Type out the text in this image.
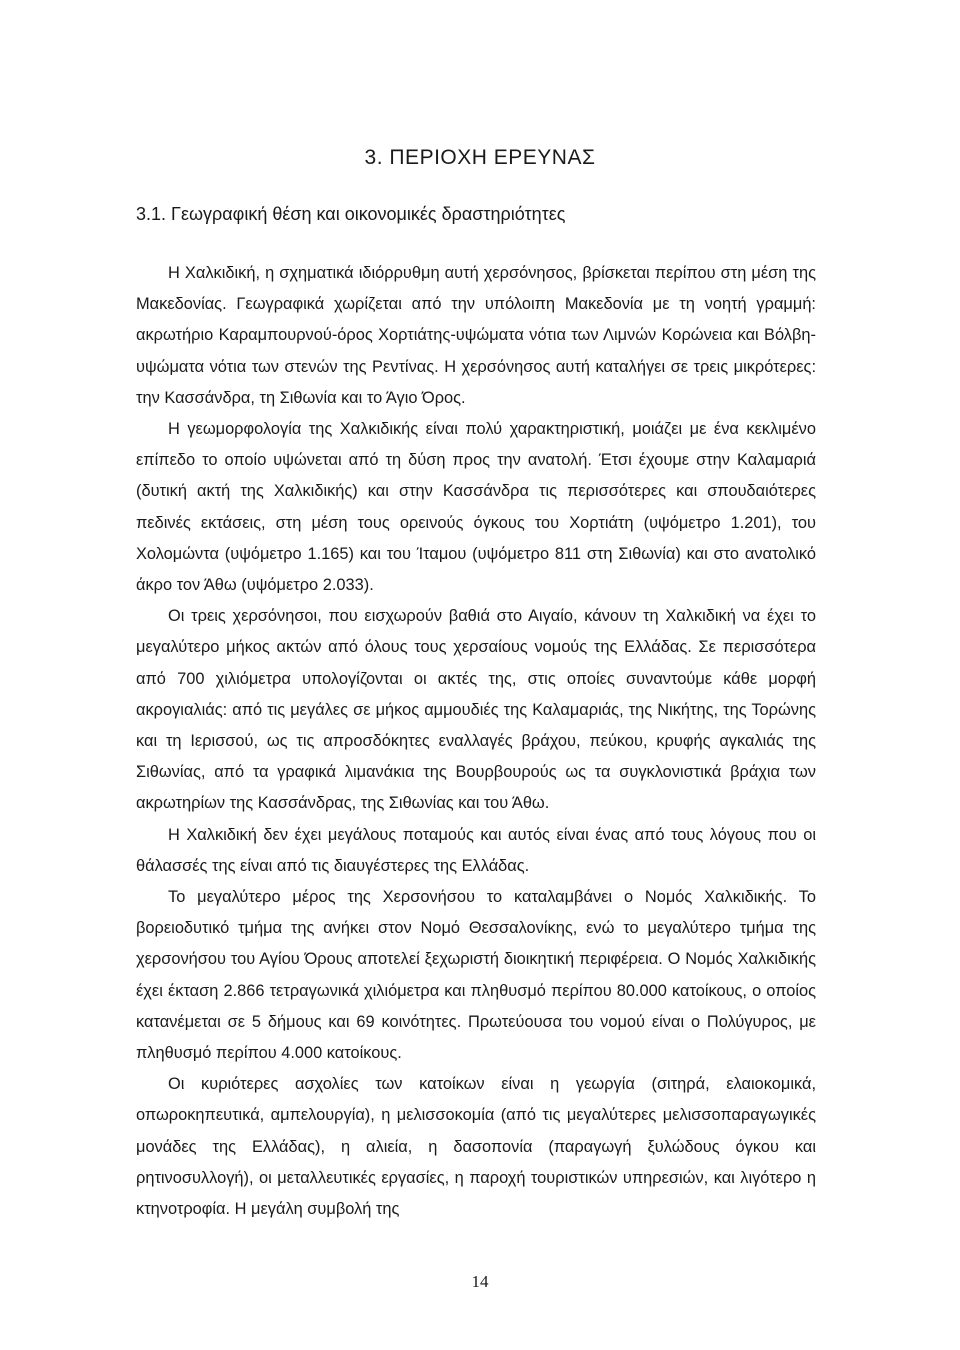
3. ΠΕΡΙΟΧΗ ΕΡΕΥΝΑΣ
3.1. Γεωγραφική θέση και οικονομικές δραστηριότητες

Η Χαλκιδική, η σχηματικά ιδιόρρυθμη αυτή χερσόνησος, βρίσκεται περίπου στη μέση της Μακεδονίας. Γεωγραφικά χωρίζεται από την υπόλοιπη Μακεδονία με τη νοητή γραμμή: ακρωτήριο Καραμπουρνού-όρος Χορτιάτης-υψώματα νότια των Λιμνών Κορώνεια και Βόλβη-υψώματα νότια των στενών της Ρεντίνας. Η χερσόνησος αυτή καταλήγει σε τρεις μικρότερες: την Κασσάνδρα, τη Σιθωνία και το Άγιο Όρος.

Η γεωμορφολογία της Χαλκιδικής είναι πολύ χαρακτηριστική, μοιάζει με ένα κεκλιμένο επίπεδο το οποίο υψώνεται από τη δύση προς την ανατολή. Έτσι έχουμε στην Καλαμαριά (δυτική ακτή της Χαλκιδικής) και στην Κασσάνδρα τις περισσότερες και σπουδαιότερες πεδινές εκτάσεις, στη μέση τους ορεινούς όγκους του Χορτιάτη (υψόμετρο 1.201), του Χολομώντα (υψόμετρο 1.165) και του Ίταμου (υψόμετρο 811 στη Σιθωνία) και στο ανατολικό άκρο τον Άθω (υψόμετρο 2.033).

Οι τρεις χερσόνησοι, που εισχωρούν βαθιά στο Αιγαίο, κάνουν τη Χαλκιδική να έχει το μεγαλύτερο μήκος ακτών από όλους τους χερσαίους νομούς της Ελλάδας. Σε περισσότερα από 700 χιλιόμετρα υπολογίζονται οι ακτές της, στις οποίες συναντούμε κάθε μορφή ακρογιαλιάς: από τις μεγάλες σε μήκος αμμουδιές της Καλαμαριάς, της Νικήτης, της Τορώνης και τη Ιερισσού, ως τις απροσδόκητες εναλλαγές βράχου, πεύκου, κρυφής αγκαλιάς της Σιθωνίας, από τα γραφικά λιμανάκια της Βουρβουρούς ως τα συγκλονιστικά βράχια των ακρωτηρίων της Κασσάνδρας, της Σιθωνίας και του Άθω.

Η Χαλκιδική δεν έχει μεγάλους ποταμούς και αυτός είναι ένας από τους λόγους που οι θάλασσές της είναι από τις διαυγέστερες της Ελλάδας.

Το μεγαλύτερο μέρος της Χερσονήσου το καταλαμβάνει ο Νομός Χαλκιδικής. Το βορειοδυτικό τμήμα της ανήκει στον Νομό Θεσσαλονίκης, ενώ το μεγαλύτερο τμήμα της χερσονήσου του Αγίου Όρους αποτελεί ξεχωριστή διοικητική περιφέρεια. Ο Νομός Χαλκιδικής έχει έκταση 2.866 τετραγωνικά χιλιόμετρα και πληθυσμό περίπου 80.000 κατοίκους, ο οποίος κατανέμεται σε 5 δήμους και 69 κοινότητες. Πρωτεύουσα του νομού είναι ο Πολύγυρος, με πληθυσμό περίπου 4.000 κατοίκους.

Οι κυριότερες ασχολίες των κατοίκων είναι η γεωργία (σιτηρά, ελαιοκομικά, οπωροκηπευτικά, αμπελουργία), η μελισσοκομία (από τις μεγαλύτερες μελισσοπαραγωγικές μονάδες της Ελλάδας), η αλιεία, η δασοπονία (παραγωγή ξυλώδους όγκου και ρητινοσυλλογή), οι μεταλλευτικές εργασίες, η παροχή τουριστικών υπηρεσιών, και λιγότερο η κτηνοτροφία. Η μεγάλη συμβολή της

14
